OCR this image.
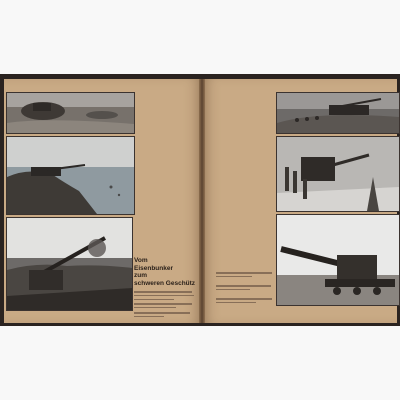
Vom
Eisenbunker
zum
schweren Geschütz
